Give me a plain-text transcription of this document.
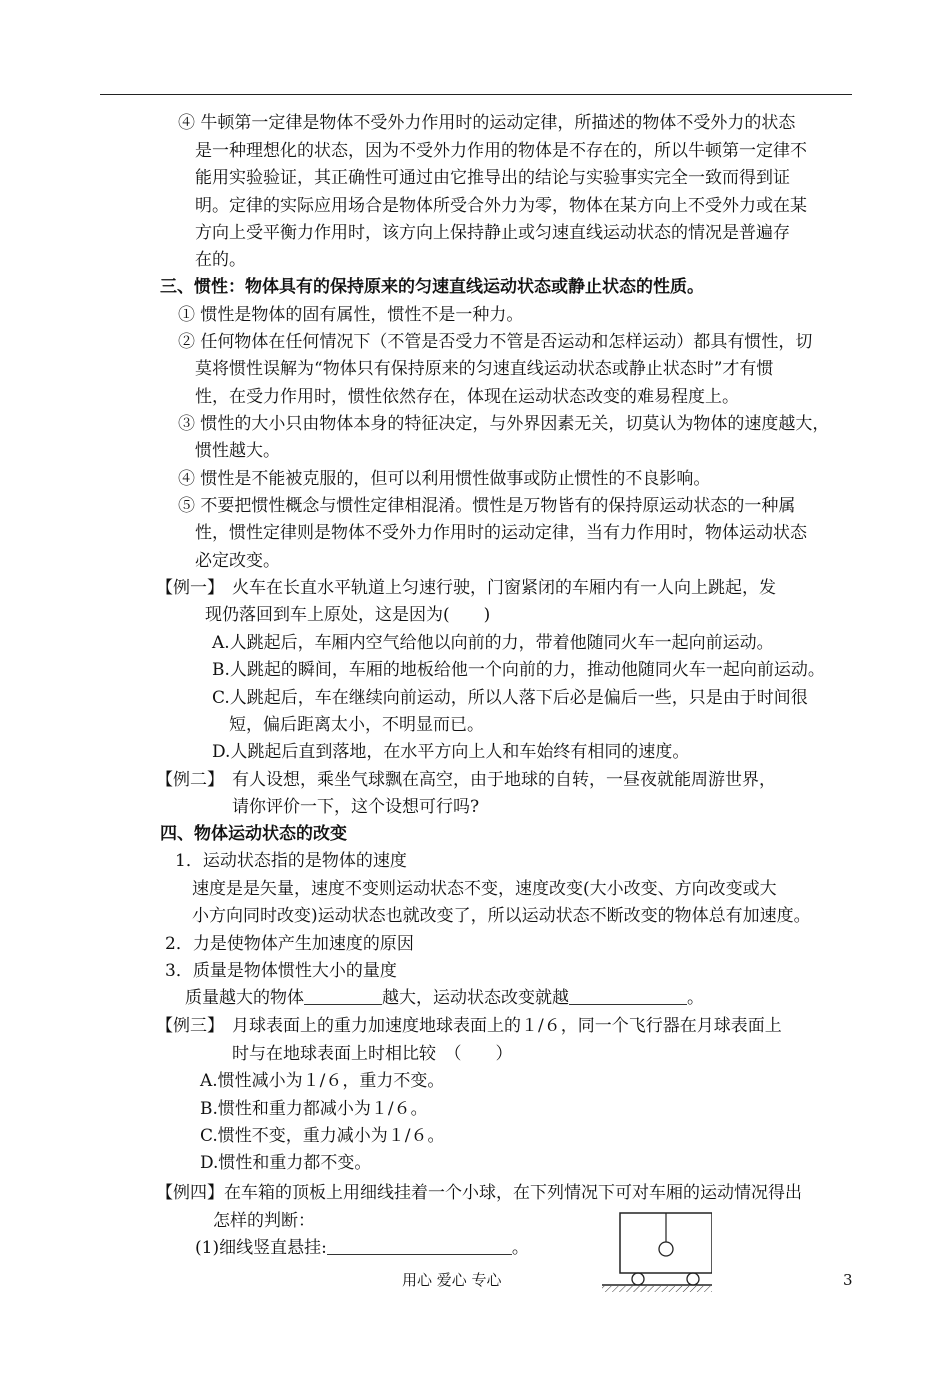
④ 牛顿第一定律是物体不受外力作用时的运动定律，所描述的物体不受外力的状态
是一种理想化的状态，因为不受外力作用的物体是不存在的，所以牛顿第一定律不
能用实验验证，其正确性可通过由它推导出的结论与实验事实完全一致而得到证
明。定律的实际应用场合是物体所受合外力为零，物体在某方向上不受外力或在某
方向上受平衡力作用时，该方向上保持静止或匀速直线运动状态的情况是普遍存
在的。
三、惯性：物体具有的保持原来的匀速直线运动状态或静止状态的性质。
① 惯性是物体的固有属性，惯性不是一种力。
② 任何物体在任何情况下（不管是否受力不管是否运动和怎样运动）都具有惯性，切
莫将惯性误解为“物体只有保持原来的匀速直线运动状态或静止状态时”才有惯
性，在受力作用时，惯性依然存在，体现在运动状态改变的难易程度上。
③ 惯性的大小只由物体本身的特征决定，与外界因素无关，切莫认为物体的速度越大，
惯性越大。
④ 惯性是不能被克服的，但可以利用惯性做事或防止惯性的不良影响。
⑤ 不要把惯性概念与惯性定律相混淆。惯性是万物皆有的保持原运动状态的一种属
性，惯性定律则是物体不受外力作用时的运动定律，当有力作用时，物体运动状态
必定改变。
【例一】 火车在长直水平轨道上匀速行驶，门窗紧闭的车厢内有一人向上跳起，发
现仍落回到车上原处，这是因为(　　)
A.人跳起后，车厢内空气给他以向前的力，带着他随同火车一起向前运动。
B.人跳起的瞬间，车厢的地板给他一个向前的力，推动他随同火车一起向前运动。
C.人跳起后，车在继续向前运动，所以人落下后必是偏后一些，只是由于时间很
短，偏后距离太小，不明显而已。
D.人跳起后直到落地，在水平方向上人和车始终有相同的速度。
【例二】 有人设想，乘坐气球飘在高空，由于地球的自转，一昼夜就能周游世界，
请你评价一下，这个设想可行吗?
四、物体运动状态的改变
1．运动状态指的是物体的速度
速度是是矢量，速度不变则运动状态不变，速度改变(大小改变、方向改变或大
小方向同时改变)运动状态也就改变了，所以运动状态不断改变的物体总有加速度。
2．力是使物体产生加速度的原因
3．质量是物体惯性大小的量度
质量越大的物体	越大，运动状态改变就越	。
【例三】 月球表面上的重力加速度地球表面上的１/６，同一个飞行器在月球表面上
时与在地球表面上时相比较　（　　）
A.惯性减小为１/６，重力不变。
B.惯性和重力都减小为１/６。
C.惯性不变，重力减小为１/６。
D.惯性和重力都不变。
【例四】 在车箱的顶板上用细线挂着一个小球，在下列情况下可对车厢的运动情况得出
怎样的判断：
(1)细线竖直悬挂:	。
用心 爱心 专心	3
